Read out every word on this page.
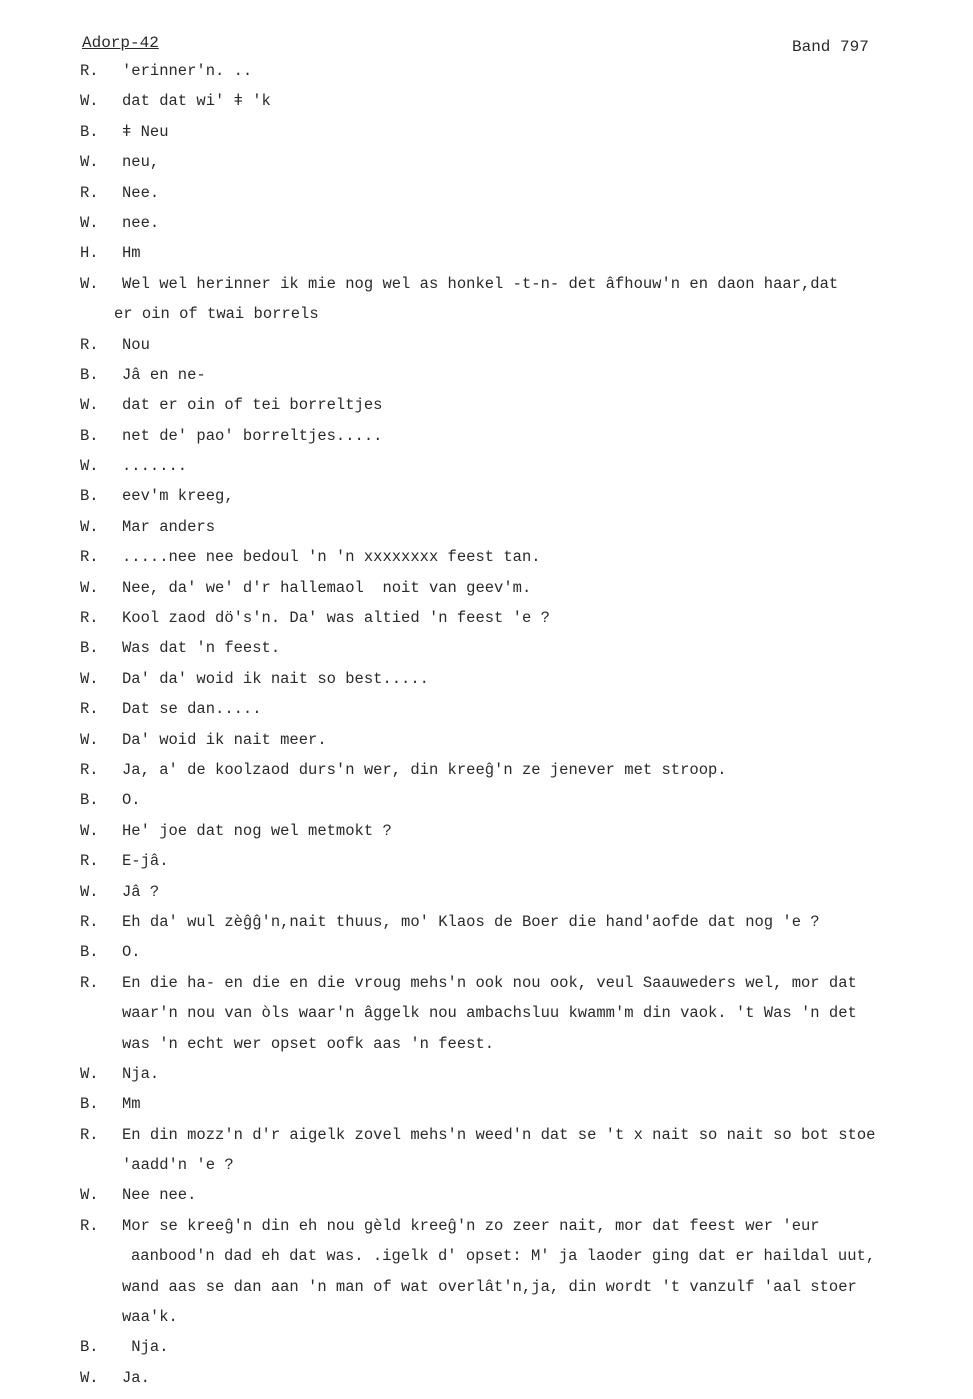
Adorp-42	Band 797
R. 'erinner'n. ..
W. dat dat wi' ǂ 'k
B. ǂ Neu
W. neu,
R. Nee.
W. nee.
H. Hm
W. Wel wel herinner ik mie nog wel as honkel -t-n- det âfhouw'n en daon haar,dat
er oin of twai borrels
R. Nou
B. Jâ en ne-
W. dat er oin of tei borreltjes
B. net de' pao' borreltjes.....
W. .......
B. eev'm kreeg,
W. Mar anders
R. .....nee nee bedoul 'n 'n xxxxxxxx feest tan.
W. Nee, da' we' d'r hallemaol  noit van geev'm.
R. Kool zaod dö's'n. Da' was altied 'n feest 'e ?
B. Was dat 'n feest.
W. Da' da' woid ik nait so best.....
R. Dat se dan.....
W. Da' woid ik nait meer.
R. Ja, a' de koolzaod durs'n wer, din kreeĝ'n ze jenever met stroop.
B. O.
W. He' joe dat nog wel metmokt ?
R. E-jâ.
W. Jâ ?
R. Eh da' wul zèĝĝ'n,nait thuus, mo' Klaos de Boer die hand'aofde dat nog 'e ?
B. O.
R. En die ha- en die en die vroug mehs'n ook nou ook, veul Saauweders wel, mor dat
waar'n nou van òls waar'n âggelk nou ambachsluu kwamm'm din vaok. 't Was 'n det
was 'n echt wer opset oofk aas 'n feest.
W. Nja.
B. Mm
R. En din mozz'n d'r aigelk zovel mehs'n weed'n dat se 't x nait so nait so bot stoe
'aadd'n 'e ?
W. Nee nee.
R. Mor se kreeĝ'n din eh nou gèld kreeĝ'n zo zeer nait, mor dat feest wer 'eur
aanbood'n dad eh dat was. .igelk d' opset: M' ja laoder ging dat er haildal uut,
wand aas se dan aan 'n man of wat overlât'n,ja, din wordt 't vanzulf 'aal stoer
waa'k.
B. Nja.
W. Ja.
